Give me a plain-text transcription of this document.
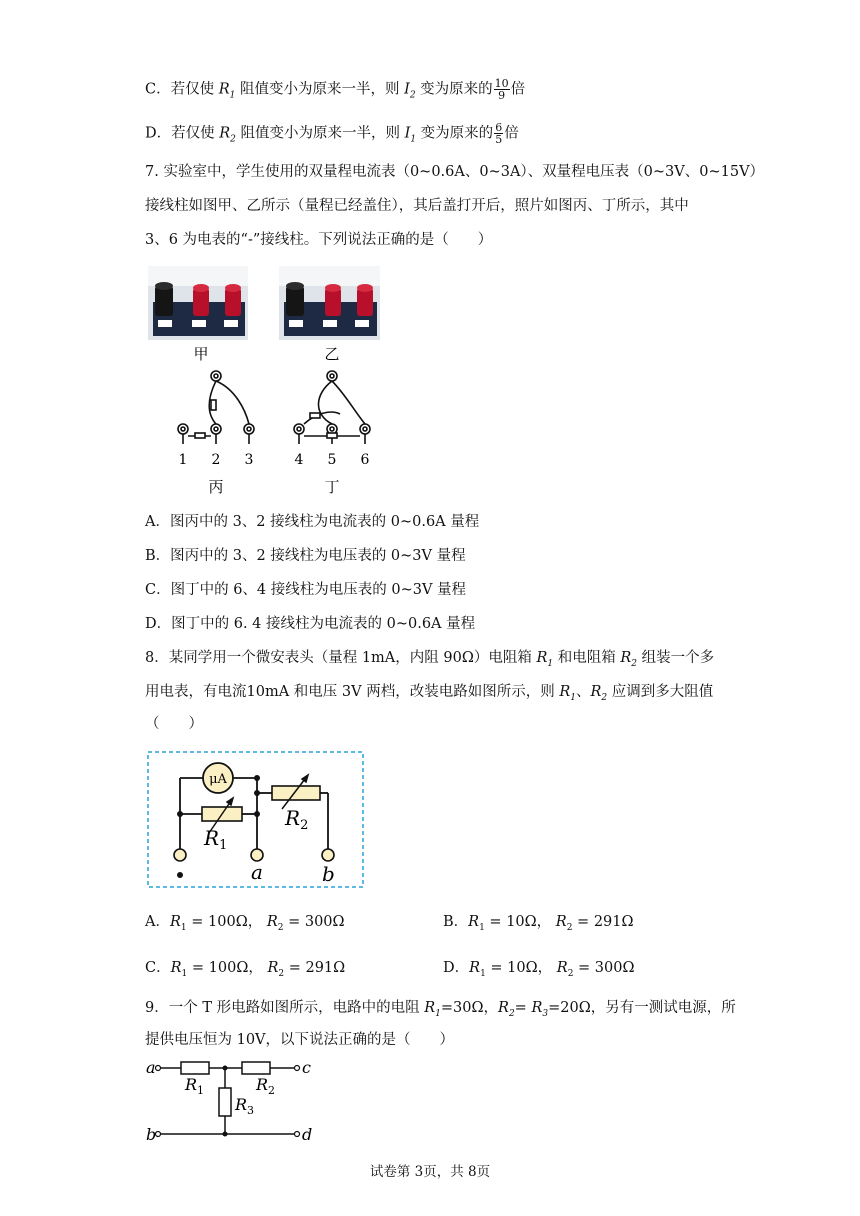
C．若仅使 $R_1$ 阻值变小为原来一半，则 $I_2$ 变为原来的 $\frac{10}{9}$ 倍
D．若仅使 $R_2$ 阻值变小为原来一半，则 $I_1$ 变为原来的 $\frac{6}{5}$ 倍
7. 实验室中，学生使用的双量程电流表（0~0.6A、0~3A）、双量程电压表（0~3V、0~15V）
接线柱如图甲、乙所示（量程已经盖住），其后盖打开后，照片如图丙、丁所示，其中
3、6 为电表的“-”接线柱。下列说法正确的是（　　）
甲	乙
1 2 3
丙
4 5 6
丁
A．图丙中的 3、2 接线柱为电流表的 0~0.6A 量程
B．图丙中的 3、2 接线柱为电压表的 0~3V 量程
C．图丁中的 6、4 接线柱为电压表的 0~3V 量程
D．图丁中的 6. 4 接线柱为电流表的 0~0.6A 量程
8．某同学用一个微安表头（量程 1mA，内阻 90Ω）电阻箱 $R_1$ 和电阻箱 $R_2$ 组装一个多
用电表，有电流10mA 和电压 3V 两档，改装电路如图所示，则 $R_1$、$R_2$ 应调到多大阻值
（　　）
μA
$R_1$
$R_2$
a	b
A．$R_1 = 100\Omega$， $R_2 = 300\Omega$	B．$R_1 = 10\Omega$， $R_2 = 291\Omega$
C．$R_1 = 100\Omega$， $R_2 = 291\Omega$	D．$R_1 = 10\Omega$， $R_2 = 300\Omega$
9．一个 T 形电路如图所示，电路中的电阻 $R_1=30\Omega$，$R_2= R_3=20\Omega$，另有一测试电源，所
提供电压恒为 10V，以下说法正确的是（　　）
a
b
c
d
$R_1$	$R_2$
$R_3$
试卷第 3页，共 8页
